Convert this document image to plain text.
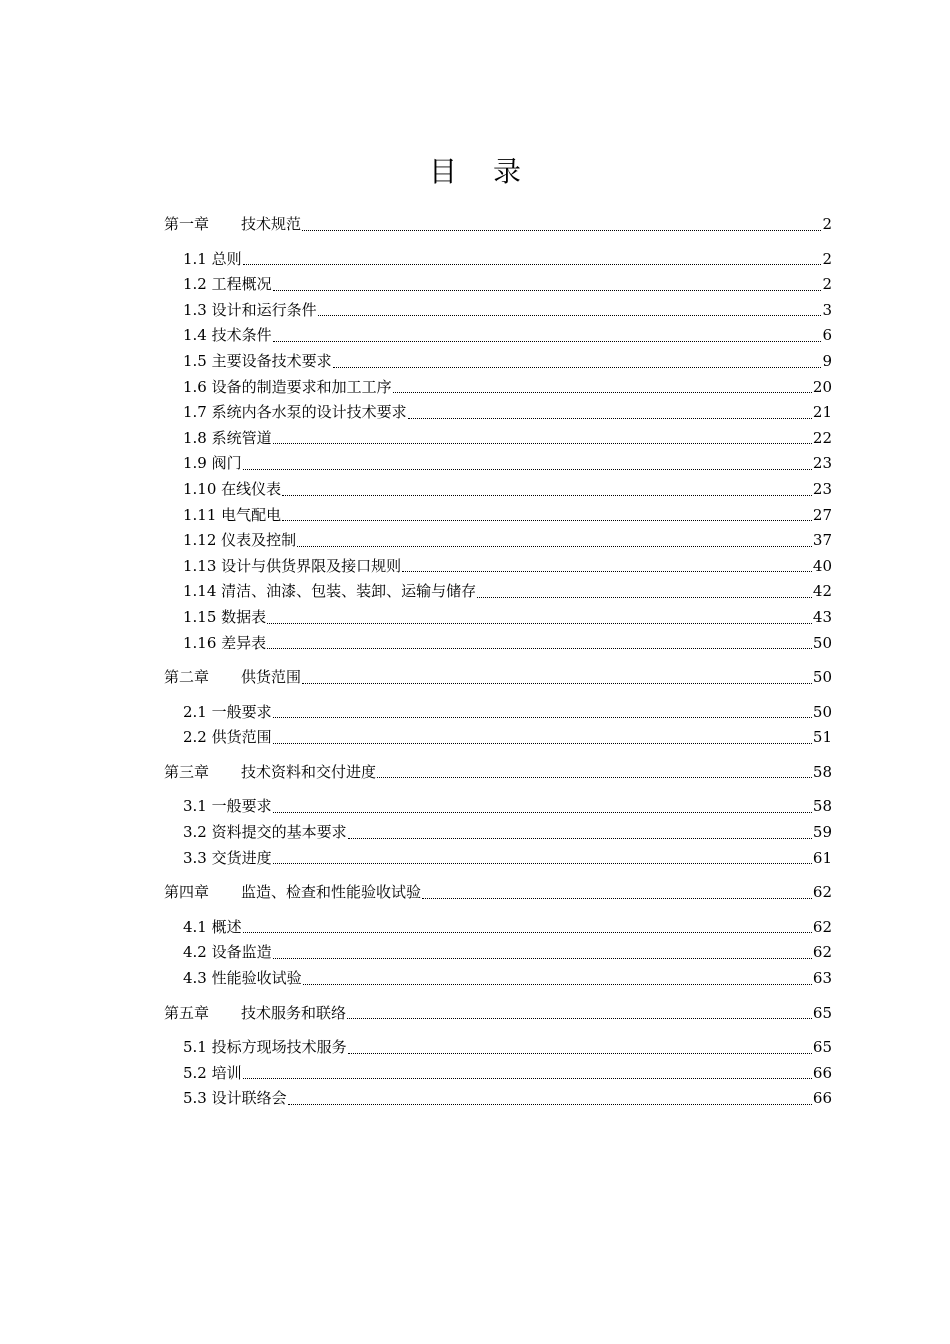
目 录
第一章 技术规范	2
1.1 总则	2
1.2 工程概况	2
1.3 设计和运行条件	3
1.4 技术条件	6
1.5 主要设备技术要求	9
1.6 设备的制造要求和加工工序	20
1.7 系统内各水泵的设计技术要求	21
1.8 系统管道	22
1.9 阀门	23
1.10 在线仪表	23
1.11 电气配电	27
1.12 仪表及控制	37
1.13 设计与供货界限及接口规则	40
1.14 清洁、油漆、包装、装卸、运输与储存	42
1.15 数据表	43
1.16 差异表	50
第二章 供货范围	50
2.1 一般要求	50
2.2 供货范围	51
第三章 技术资料和交付进度	58
3.1 一般要求	58
3.2 资料提交的基本要求	59
3.3 交货进度	61
第四章 监造、检查和性能验收试验	62
4.1 概述	62
4.2 设备监造	62
4.3 性能验收试验	63
第五章 技术服务和联络	65
5.1 投标方现场技术服务	65
5.2 培训	66
5.3 设计联络会	66
